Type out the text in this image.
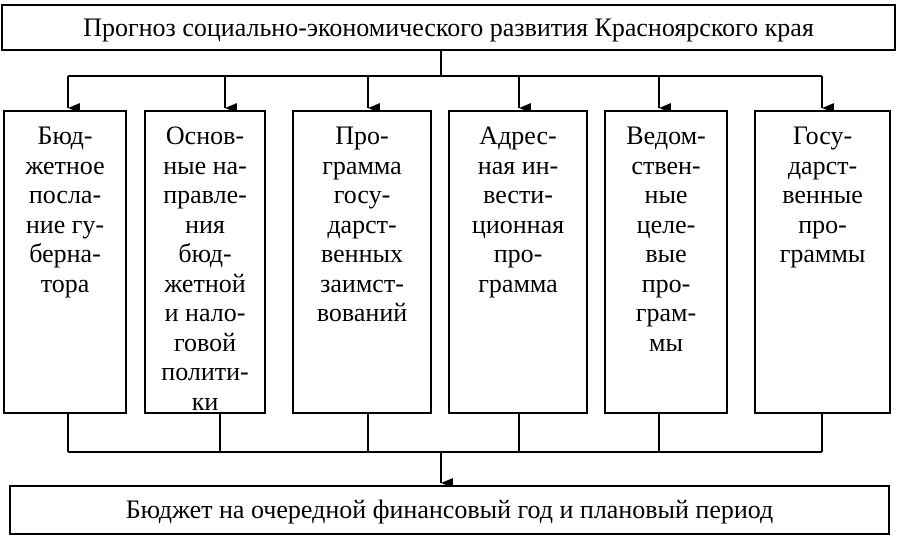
Прогноз социально-экономического развития Красноярского края
Бюд-
жетное
посла-
ние гу-
берна-
тора
Основ-
ные на-
правле-
ния
бюд-
жетной
и нало-
говой
полити-
ки
Про-
грамма
госу-
дарст-
венных
заимст-
вований
Адрес-
ная ин-
вести-
ционная
про-
грамма
Ведом-
ствен-
ные
целе-
вые
про-
грам-
мы
Госу-
дарст-
венные
про-
граммы
Бюджет на очередной финансовый год и плановый период
